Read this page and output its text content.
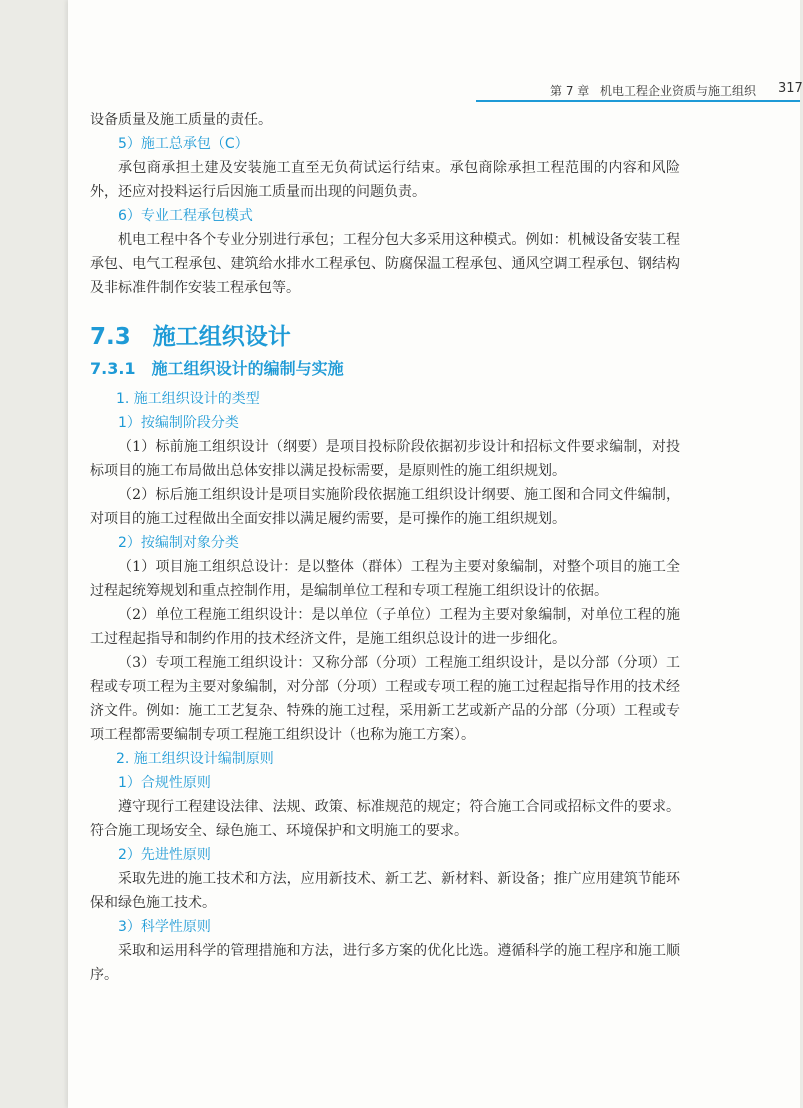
第 7 章 机电工程企业资质与施工组织 317

设备质量及施工质量的责任。

5）施工总承包（C）

承包商承担土建及安装施工直至无负荷试运行结束。承包商除承担工程范围的内容和风险外，还应对投料运行后因施工质量而出现的问题负责。

6）专业工程承包模式

机电工程中各个专业分别进行承包；工程分包大多采用这种模式。例如：机械设备安装工程承包、电气工程承包、建筑给水排水工程承包、防腐保温工程承包、通风空调工程承包、钢结构及非标准件制作安装工程承包等。

7.3 施工组织设计
7.3.1 施工组织设计的编制与实施

1. 施工组织设计的类型

1）按编制阶段分类

（1）标前施工组织设计（纲要）是项目投标阶段依据初步设计和招标文件要求编制，对投标项目的施工布局做出总体安排以满足投标需要，是原则性的施工组织规划。

（2）标后施工组织设计是项目实施阶段依据施工组织设计纲要、施工图和合同文件编制，对项目的施工过程做出全面安排以满足履约需要，是可操作的施工组织规划。

2）按编制对象分类

（1）项目施工组织总设计：是以整体（群体）工程为主要对象编制，对整个项目的施工全过程起统筹规划和重点控制作用，是编制单位工程和专项工程施工组织设计的依据。

（2）单位工程施工组织设计：是以单位（子单位）工程为主要对象编制，对单位工程的施工过程起指导和制约作用的技术经济文件，是施工组织总设计的进一步细化。

（3）专项工程施工组织设计：又称分部（分项）工程施工组织设计，是以分部（分项）工程或专项工程为主要对象编制，对分部（分项）工程或专项工程的施工过程起指导作用的技术经济文件。例如：施工工艺复杂、特殊的施工过程，采用新工艺或新产品的分部（分项）工程或专项工程都需要编制专项工程施工组织设计（也称为施工方案）。

2. 施工组织设计编制原则

1）合规性原则

遵守现行工程建设法律、法规、政策、标准规范的规定；符合施工合同或招标文件的要求。符合施工现场安全、绿色施工、环境保护和文明施工的要求。

2）先进性原则

采取先进的施工技术和方法，应用新技术、新工艺、新材料、新设备；推广应用建筑节能环保和绿色施工技术。

3）科学性原则

采取和运用科学的管理措施和方法，进行多方案的优化比选。遵循科学的施工程序和施工顺序。
